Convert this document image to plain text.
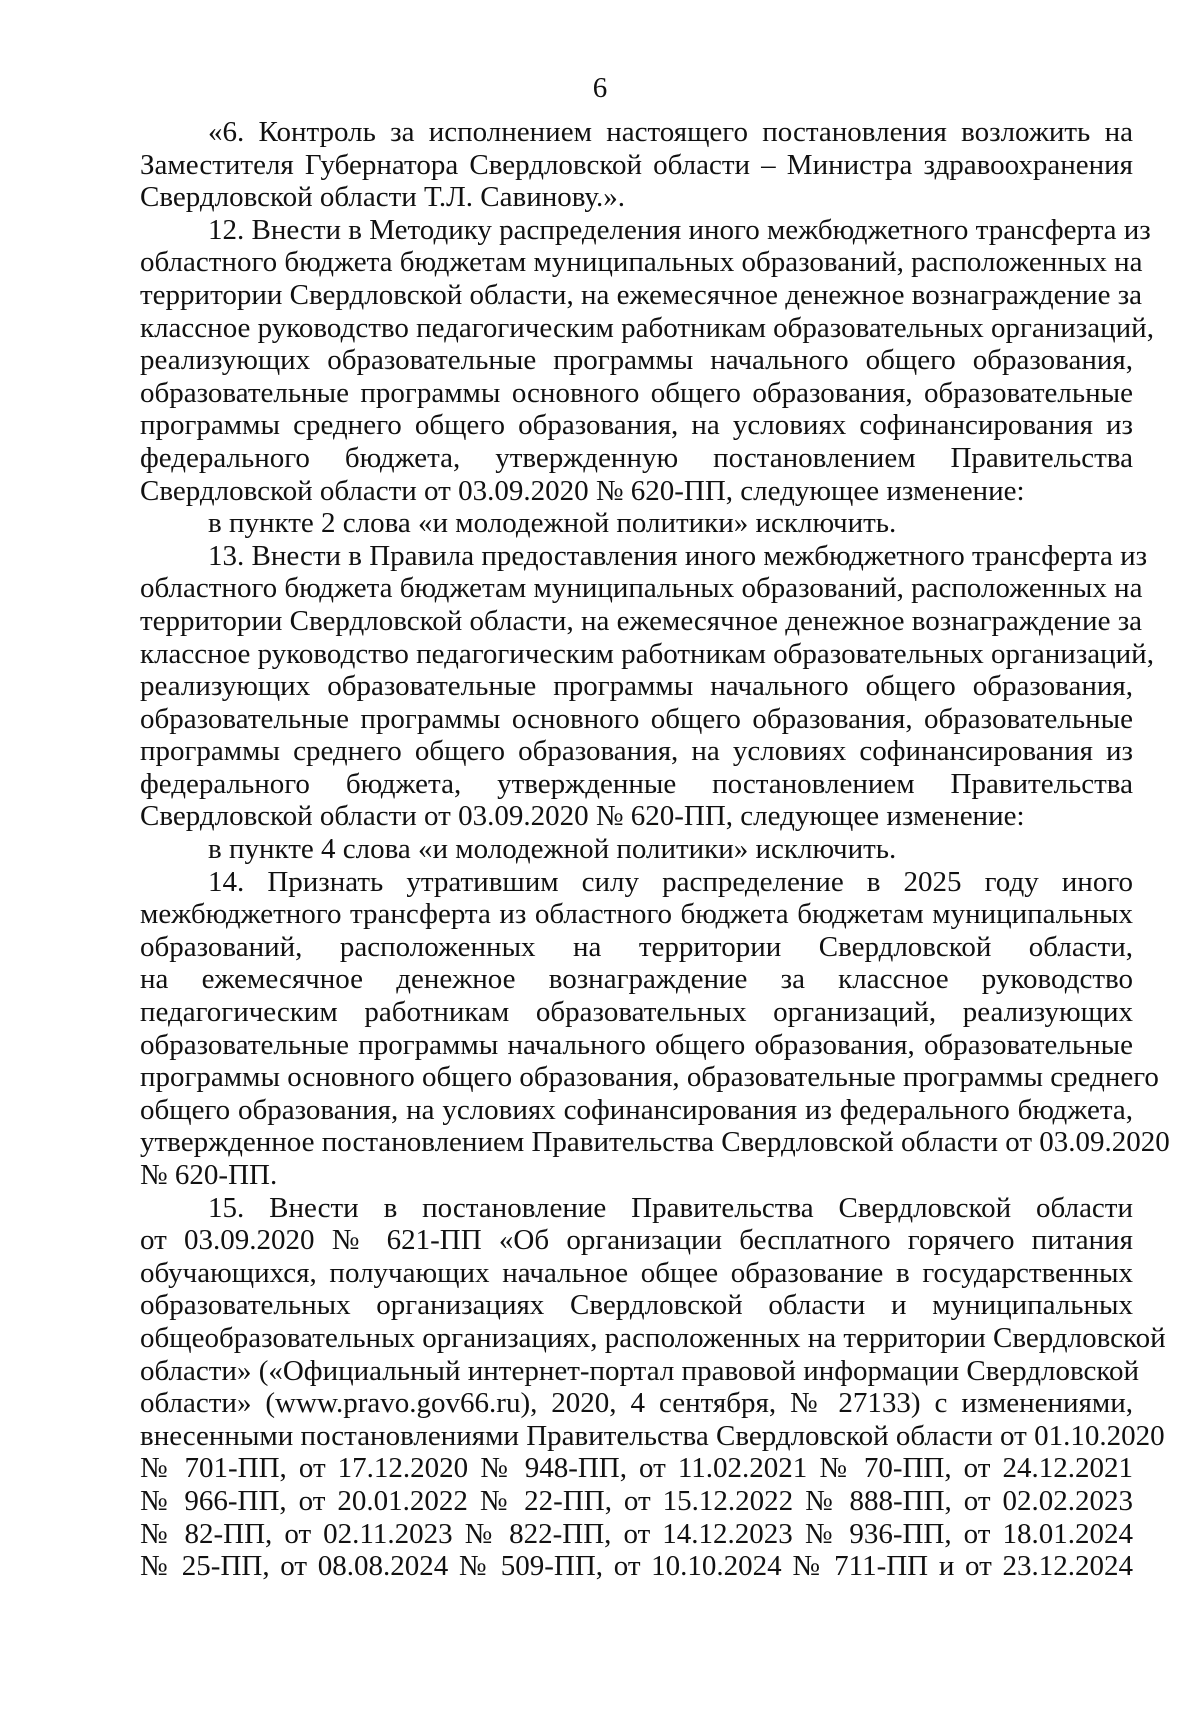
6
«6. Контроль за исполнением настоящего постановления возложить на
Заместителя Губернатора Свердловской области – Министра здравоохранения
Свердловской области Т.Л. Савинову.».
12. Внести в Методику распределения иного межбюджетного трансферта из
областного бюджета бюджетам муниципальных образований, расположенных на
территории Свердловской области, на ежемесячное денежное вознаграждение за
классное руководство педагогическим работникам образовательных организаций,
реализующих образовательные программы начального общего образования,
образовательные программы основного общего образования, образовательные
программы среднего общего образования, на условиях софинансирования из
федерального бюджета, утвержденную постановлением Правительства
Свердловской области от 03.09.2020 № 620-ПП, следующее изменение:
в пункте 2 слова «и молодежной политики» исключить.
13. Внести в Правила предоставления иного межбюджетного трансферта из
областного бюджета бюджетам муниципальных образований, расположенных на
территории Свердловской области, на ежемесячное денежное вознаграждение за
классное руководство педагогическим работникам образовательных организаций,
реализующих образовательные программы начального общего образования,
образовательные программы основного общего образования, образовательные
программы среднего общего образования, на условиях софинансирования из
федерального бюджета, утвержденные постановлением Правительства
Свердловской области от 03.09.2020 № 620-ПП, следующее изменение:
в пункте 4 слова «и молодежной политики» исключить.
14. Признать утратившим силу распределение в 2025 году иного
межбюджетного трансферта из областного бюджета бюджетам муниципальных
образований, расположенных на территории Свердловской области,
на ежемесячное денежное вознаграждение за классное руководство
педагогическим работникам образовательных организаций, реализующих
образовательные программы начального общего образования, образовательные
программы основного общего образования, образовательные программы среднего
общего образования, на условиях софинансирования из федерального бюджета,
утвержденное постановлением Правительства Свердловской области от 03.09.2020
№ 620-ПП.
15. Внести в постановление Правительства Свердловской области
от 03.09.2020 № 621-ПП «Об организации бесплатного горячего питания
обучающихся, получающих начальное общее образование в государственных
образовательных организациях Свердловской области и муниципальных
общеобразовательных организациях, расположенных на территории Свердловской
области» («Официальный интернет-портал правовой информации Свердловской
области» (www.pravo.gov66.ru), 2020, 4 сентября, № 27133) с изменениями,
внесенными постановлениями Правительства Свердловской области от 01.10.2020
№ 701-ПП, от 17.12.2020 № 948-ПП, от 11.02.2021 № 70-ПП, от 24.12.2021
№ 966-ПП, от 20.01.2022 № 22-ПП, от 15.12.2022 № 888-ПП, от 02.02.2023
№ 82-ПП, от 02.11.2023 № 822-ПП, от 14.12.2023 № 936-ПП, от 18.01.2024
№ 25-ПП, от 08.08.2024 № 509-ПП, от 10.10.2024 № 711-ПП и от 23.12.2024
